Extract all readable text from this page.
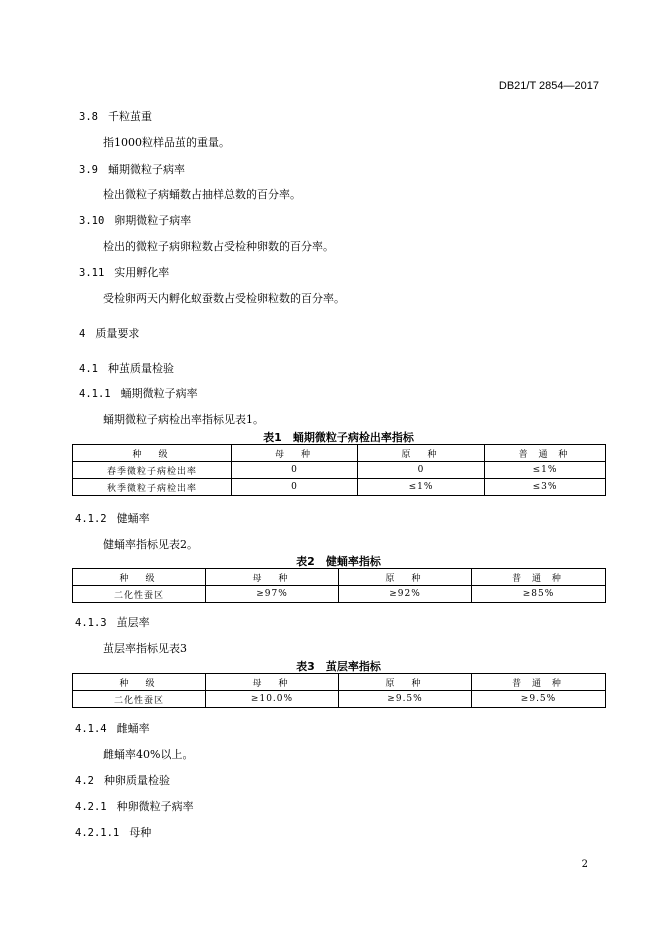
DB21/T 2854—2017
3.8 千粒茧重
指1000粒样品茧的重量。
3.9 蛹期微粒子病率
检出微粒子病蛹数占抽样总数的百分率。
3.10 卵期微粒子病率
检出的微粒子病卵粒数占受检种卵数的百分率。
3.11 实用孵化率
受检卵两天内孵化蚁蚕数占受检卵粒数的百分率。
4 质量要求
4.1 种茧质量检验
4.1.1 蛹期微粒子病率
蛹期微粒子病检出率指标见表1。
表1　蛹期微粒子病检出率指标
种　级	母　种	原　种	普 通 种
春季微粒子病检出率	0	0	≤1%
秋季微粒子病检出率	0	≤1%	≤3%
4.1.2 健蛹率
健蛹率指标见表2。
表2　健蛹率指标
种　级	母　种	原　种	普 通 种
二化性蚕区	≥97%	≥92%	≥85%
4.1.3 茧层率
茧层率指标见表3
表3　茧层率指标
种　级	母　种	原　种	普 通 种
二化性蚕区	≥10.0%	≥9.5%	≥9.5%
4.1.4 雌蛹率
雌蛹率40%以上。
4.2 种卵质量检验
4.2.1 种卵微粒子病率
4.2.1.1 母种
2
